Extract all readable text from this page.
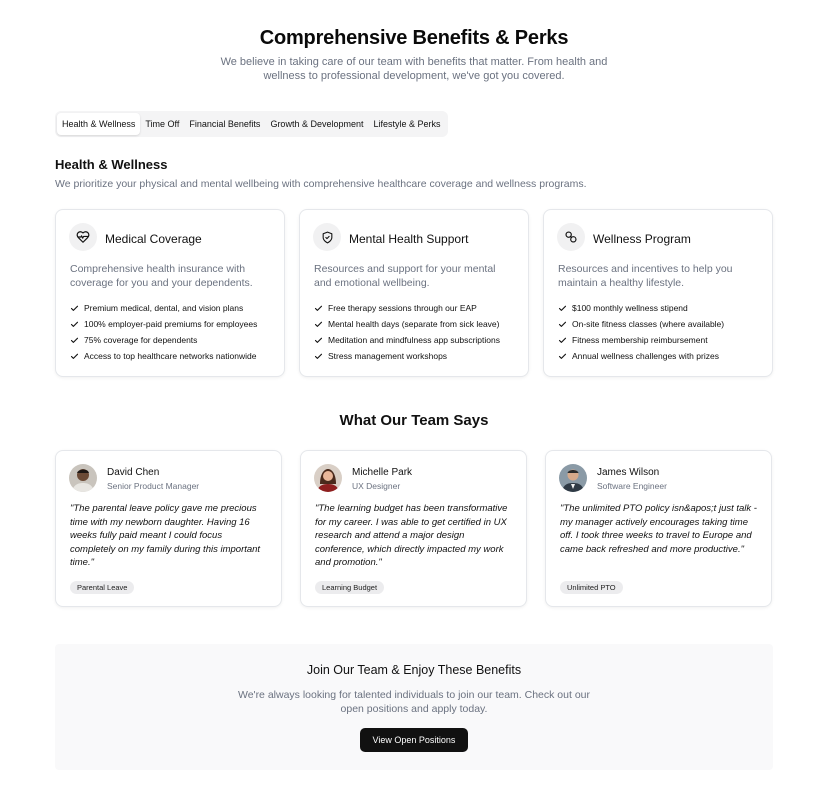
Comprehensive Benefits & Perks
We believe in taking care of our team with benefits that matter. From health and wellness to professional development, we've got you covered.
Health & Wellness	Time Off	Financial Benefits	Growth & Development	Lifestyle & Perks
Health & Wellness
We prioritize your physical and mental wellbeing with comprehensive healthcare coverage and wellness programs.
Medical Coverage
Comprehensive health insurance with coverage for you and your dependents.
Premium medical, dental, and vision plans
100% employer-paid premiums for employees
75% coverage for dependents
Access to top healthcare networks nationwide
Mental Health Support
Resources and support for your mental and emotional wellbeing.
Free therapy sessions through our EAP
Mental health days (separate from sick leave)
Meditation and mindfulness app subscriptions
Stress management workshops
Wellness Program
Resources and incentives to help you maintain a healthy lifestyle.
$100 monthly wellness stipend
On-site fitness classes (where available)
Fitness membership reimbursement
Annual wellness challenges with prizes
What Our Team Says
David Chen
Senior Product Manager
"The parental leave policy gave me precious time with my newborn daughter. Having 16 weeks fully paid meant I could focus completely on my family during this important time."
Parental Leave
Michelle Park
UX Designer
"The learning budget has been transformative for my career. I was able to get certified in UX research and attend a major design conference, which directly impacted my work and promotion."
Learning Budget
James Wilson
Software Engineer
"The unlimited PTO policy isn&apos;t just talk - my manager actively encourages taking time off. I took three weeks to travel to Europe and came back refreshed and more productive."
Unlimited PTO
Join Our Team & Enjoy These Benefits
We're always looking for talented individuals to join our team. Check out our open positions and apply today.
View Open Positions
